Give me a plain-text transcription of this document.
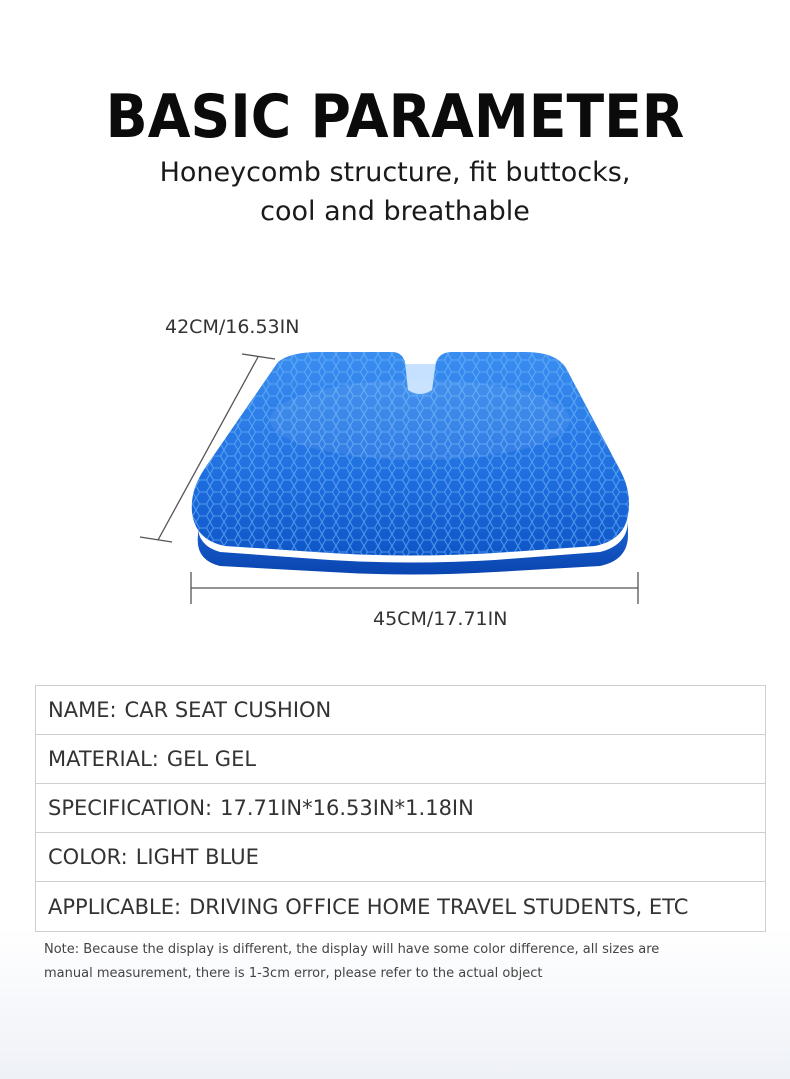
BASIC PARAMETER
Honeycomb structure, fit buttocks,
cool and breathable
42CM/16.53IN
45CM/17.71IN
NAME: CAR SEAT CUSHION
MATERIAL: GEL GEL
SPECIFICATION: 17.71IN*16.53IN*1.18IN
COLOR: LIGHT BLUE
APPLICABLE: DRIVING OFFICE HOME TRAVEL STUDENTS, ETC
Note: Because the display is different, the display will have some color difference, all sizes are
manual measurement, there is 1-3cm error, please refer to the actual object
